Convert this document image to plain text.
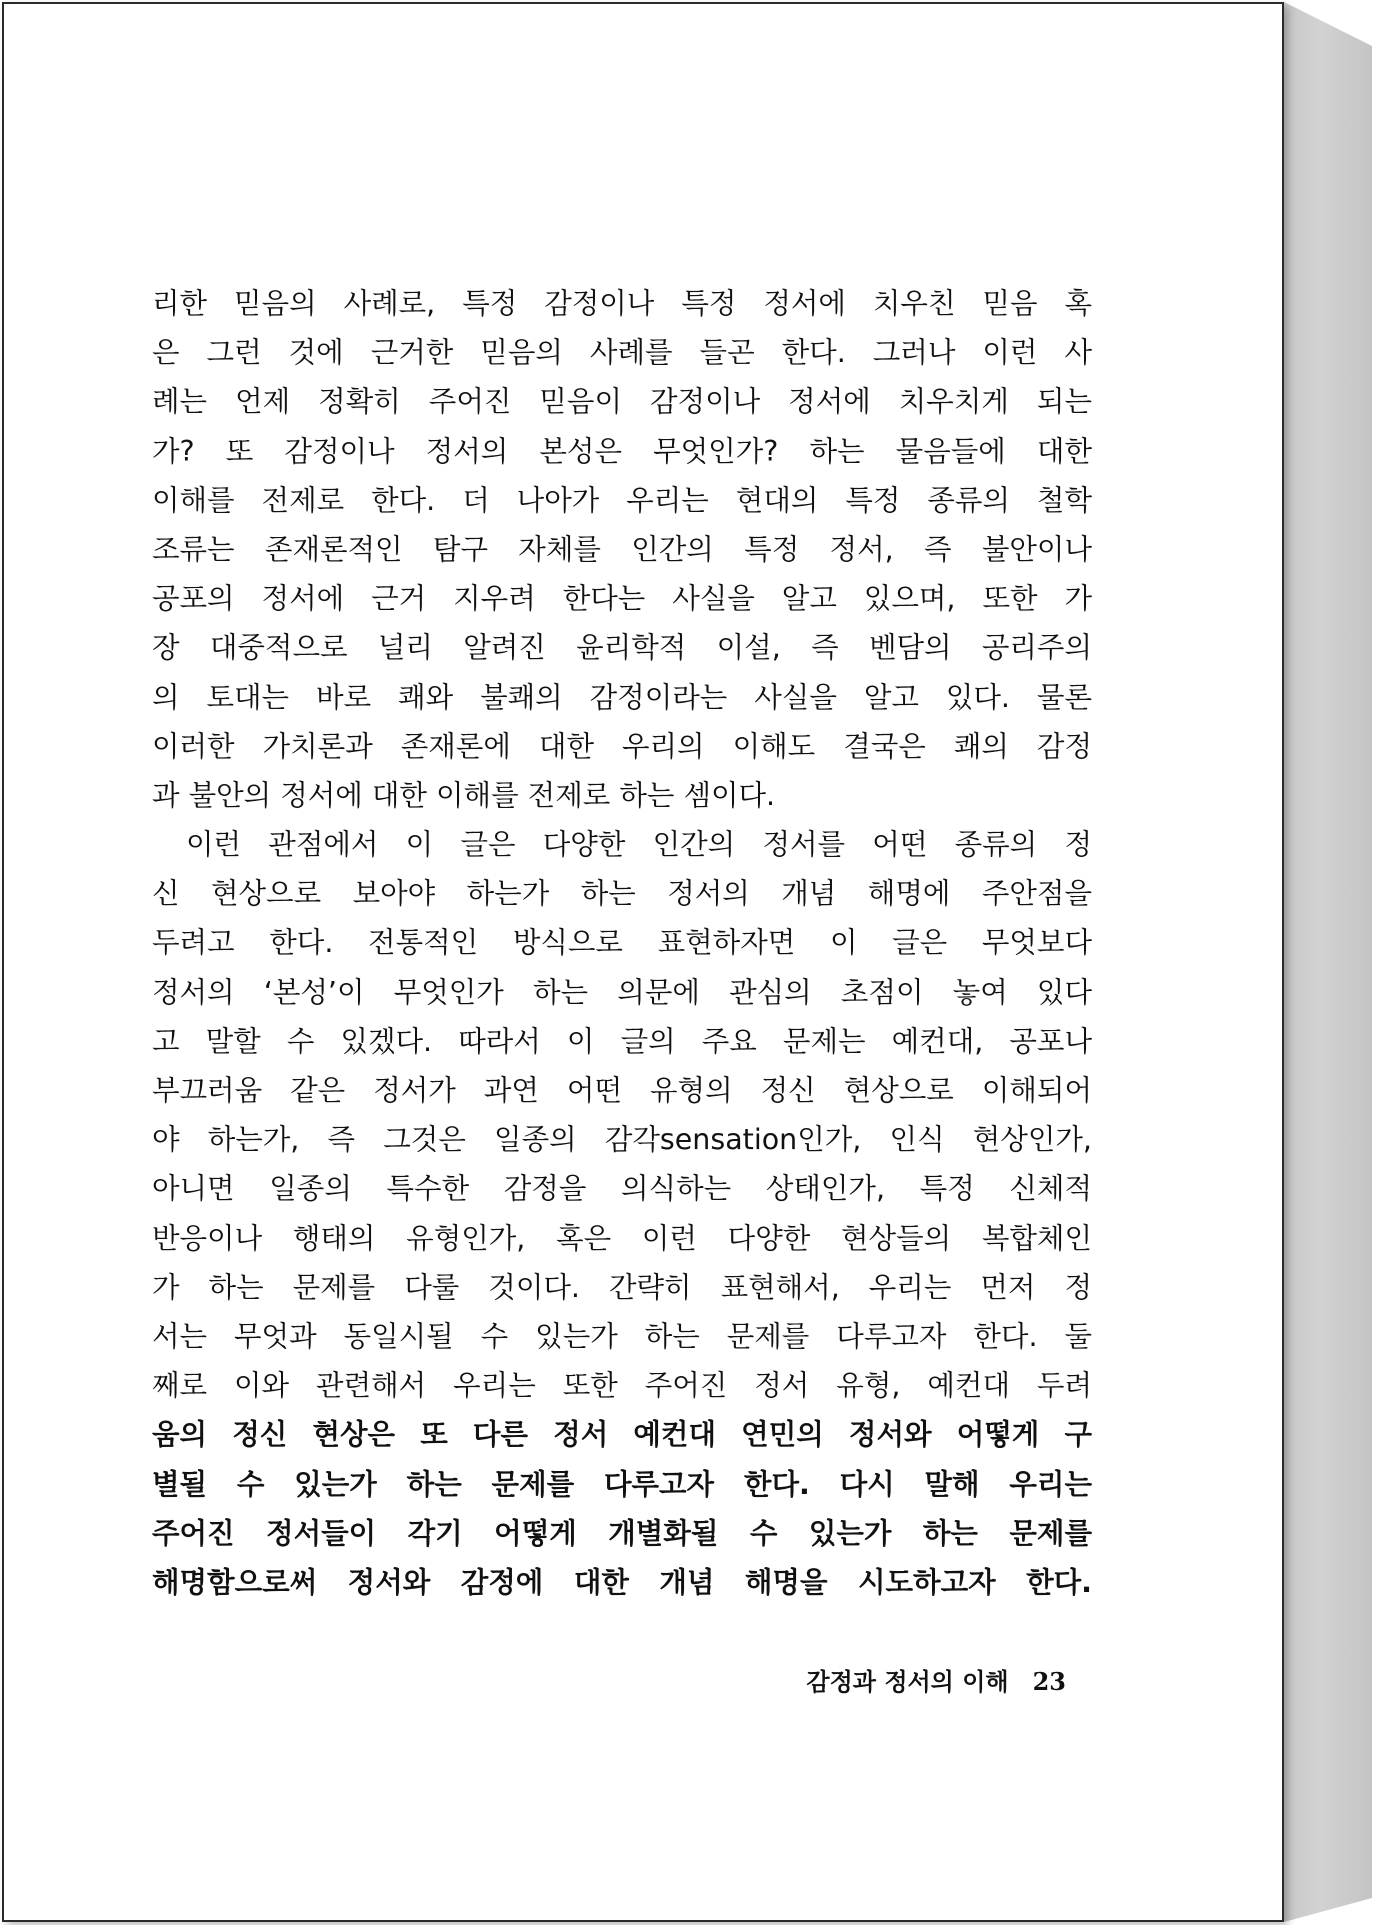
리한 믿음의 사례로, 특정 감정이나 특정 정서에 치우친 믿음 혹
은 그런 것에 근거한 믿음의 사례를 들곤 한다. 그러나 이런 사
례는 언제 정확히 주어진 믿음이 감정이나 정서에 치우치게 되는
가? 또 감정이나 정서의 본성은 무엇인가? 하는 물음들에 대한
이해를 전제로 한다. 더 나아가 우리는 현대의 특정 종류의 철학
조류는 존재론적인 탐구 자체를 인간의 특정 정서, 즉 불안이나
공포의 정서에 근거 지우려 한다는 사실을 알고 있으며, 또한 가
장 대중적으로 널리 알려진 윤리학적 이설, 즉 벤담의 공리주의
의 토대는 바로 쾌와 불쾌의 감정이라는 사실을 알고 있다. 물론
이러한 가치론과 존재론에 대한 우리의 이해도 결국은 쾌의 감정
과 불안의 정서에 대한 이해를 전제로 하는 셈이다.
이런 관점에서 이 글은 다양한 인간의 정서를 어떤 종류의 정
신 현상으로 보아야 하는가 하는 정서의 개념 해명에 주안점을
두려고 한다. 전통적인 방식으로 표현하자면 이 글은 무엇보다
정서의 ‘본성’이 무엇인가 하는 의문에 관심의 초점이 놓여 있다
고 말할 수 있겠다. 따라서 이 글의 주요 문제는 예컨대, 공포나
부끄러움 같은 정서가 과연 어떤 유형의 정신 현상으로 이해되어
야 하는가, 즉 그것은 일종의 감각sensation인가, 인식 현상인가,
아니면 일종의 특수한 감정을 의식하는 상태인가, 특정 신체적
반응이나 행태의 유형인가, 혹은 이런 다양한 현상들의 복합체인
가 하는 문제를 다룰 것이다. 간략히 표현해서, 우리는 먼저 정
서는 무엇과 동일시될 수 있는가 하는 문제를 다루고자 한다. 둘
째로 이와 관련해서 우리는 또한 주어진 정서 유형, 예컨대 두려
움의 정신 현상은 또 다른 정서 예컨대 연민의 정서와 어떻게 구
별될 수 있는가 하는 문제를 다루고자 한다. 다시 말해 우리는
주어진 정서들이 각기 어떻게 개별화될 수 있는가 하는 문제를
해명함으로써 정서와 감정에 대한 개념 해명을 시도하고자 한다.
감정과 정서의 이해 23
